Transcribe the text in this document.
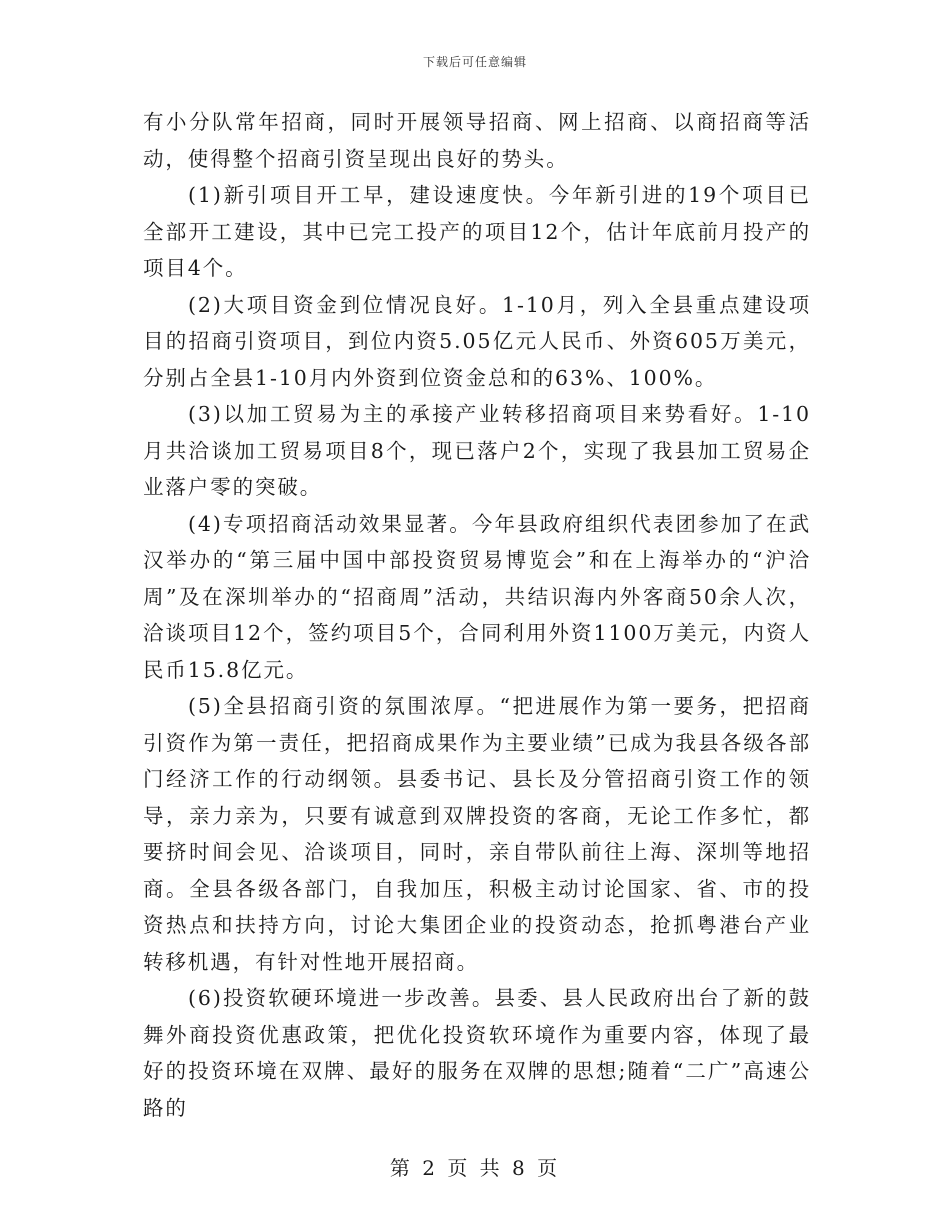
下载后可任意编辑

有小分队常年招商，同时开展领导招商、网上招商、以商招商等活动，使得整个招商引资呈现出良好的势头。

(1)新引项目开工早，建设速度快。今年新引进的19个项目已全部开工建设，其中已完工投产的项目12个，估计年底前月投产的项目4个。

(2)大项目资金到位情况良好。1-10月，列入全县重点建设项目的招商引资项目，到位内资5.05亿元人民币、外资605万美元，分别占全县1-10月内外资到位资金总和的63%、100%。

(3)以加工贸易为主的承接产业转移招商项目来势看好。1-10月共洽谈加工贸易项目8个，现已落户2个，实现了我县加工贸易企业落户零的突破。

(4)专项招商活动效果显著。今年县政府组织代表团参加了在武汉举办的“第三届中国中部投资贸易博览会”和在上海举办的“沪洽周”及在深圳举办的“招商周”活动，共结识海内外客商50余人次，洽谈项目12个，签约项目5个，合同利用外资1100万美元，内资人民币15.8亿元。

(5)全县招商引资的氛围浓厚。“把进展作为第一要务，把招商引资作为第一责任，把招商成果作为主要业绩”已成为我县各级各部门经济工作的行动纲领。县委书记、县长及分管招商引资工作的领导，亲力亲为，只要有诚意到双牌投资的客商，无论工作多忙，都要挤时间会见、洽谈项目，同时，亲自带队前往上海、深圳等地招商。全县各级各部门，自我加压，积极主动讨论国家、省、市的投资热点和扶持方向，讨论大集团企业的投资动态，抢抓粤港台产业转移机遇，有针对性地开展招商。

(6)投资软硬环境进一步改善。县委、县人民政府出台了新的鼓舞外商投资优惠政策，把优化投资软环境作为重要内容，体现了最好的投资环境在双牌、最好的服务在双牌的思想;随着“二广”高速公路的

第 2 页 共 8 页
